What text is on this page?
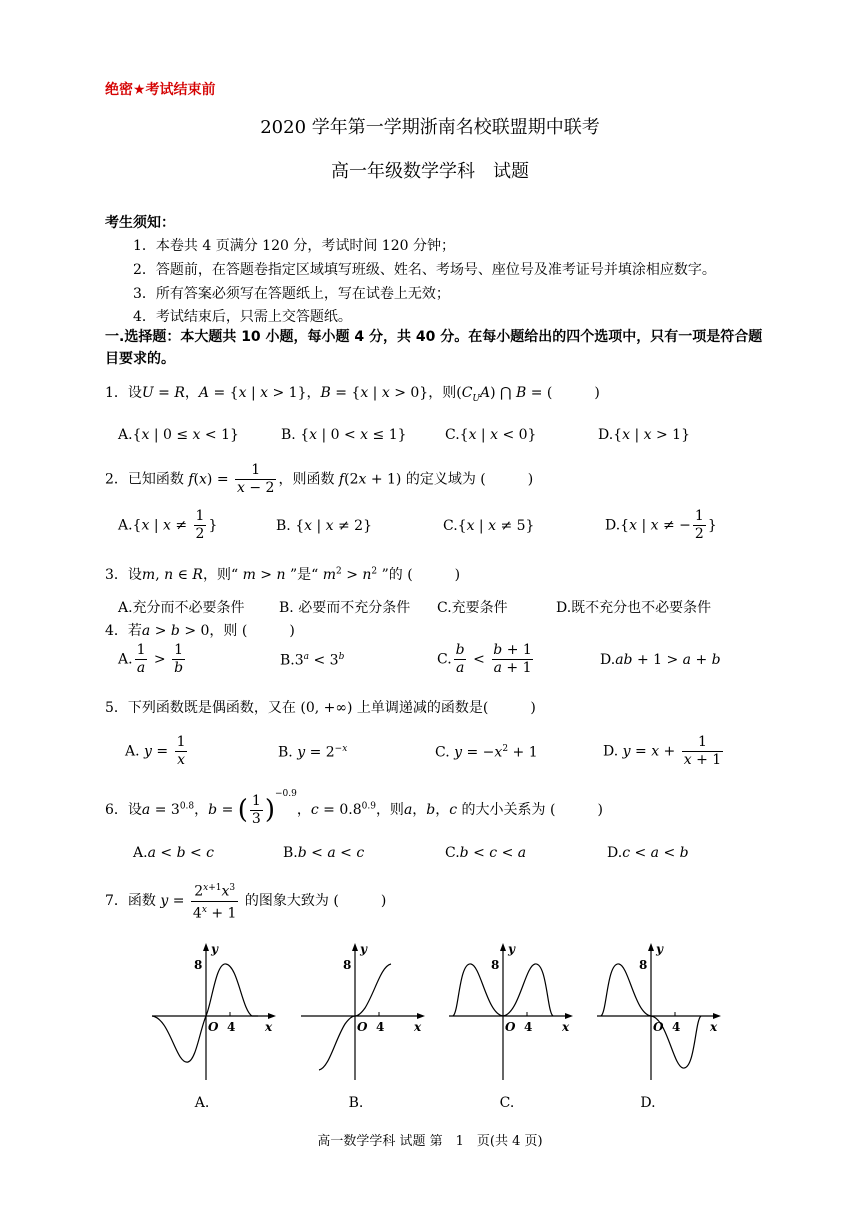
绝密★考试结束前
2020 学年第一学期浙南名校联盟期中联考
高一年级数学学科　试题
考生须知：
1．本卷共 4 页满分 120 分，考试时间 120 分钟；
2．答题前，在答题卷指定区域填写班级、姓名、考场号、座位号及准考证号并填涂相应数字。
3．所有答案必须写在答题纸上，写在试卷上无效；
4．考试结束后，只需上交答题纸。
一.选择题：本大题共 10 小题，每小题 4 分，共 40 分。在每小题给出的四个选项中，只有一项是符合题目要求的。
1．设U = R，A = {x | x > 1}，B = {x | x > 0}，则$(C_UA)$ ⋂ B = (　　　)
A.{x | 0 ≤ x < 1}	B. {x | 0 < x ≤ 1}	C.{x | x < 0}	D.{x | x > 1}
2．已知函数 $f(x) = \frac{1}{x - 2}$ ，则函数 f(2x + 1) 的定义域为 (　　　)
A.{x | $x \ne \frac{1}{2}$ }	B. {x | x ≠ 2}	C.{x | x ≠ 5}	D.{x | x ≠ − $\frac{1}{2}$ }
3．设m, n ∈ R，则“ m > n ”是“ $m^2 > n^2$ ”的 (　　　)
A.充分而不必要条件 B. 必要而不充分条件 C.充要条件	D.既不充分也不必要条件
4．若a > b > 0，则 (　　　)
A. $\frac{1}{a} > \frac{1}{b}$	$B.3^a < 3^b$	C. $\frac{b}{a} < \frac{b + 1}{a + 1}$	D.ab + 1 > a + b
5．下列函数既是偶函数，又在 (0, +∞) 上单调递减的函数是(　　　)
A. $y = \frac{1}{x}$	B. $y = 2^{-x}$	C. $y = -x^2 + 1$	D. $y = x + \frac{1}{x + 1}$
6．设$a = 3^{0.8}$，b = ( $\frac{1}{3} )^{-0.9}$，$c = 0.8^{0.9}$，则a，b，c 的大小关系为 (　　　)
A.a < b < c	B.b < a < c	C.b < c < a	D.c < a < b
7．函数 $y = \frac{2^{x+1}x^3}{4^x + 1}$ 的图象大致为 (　　　)
8
y
O 4 x
8
y
O 4 x
8
y
O 4 x
8
y
O 4 x
A.	B.	C.	D.
高一数学学科 试题 第　1　页(共 4 页)
